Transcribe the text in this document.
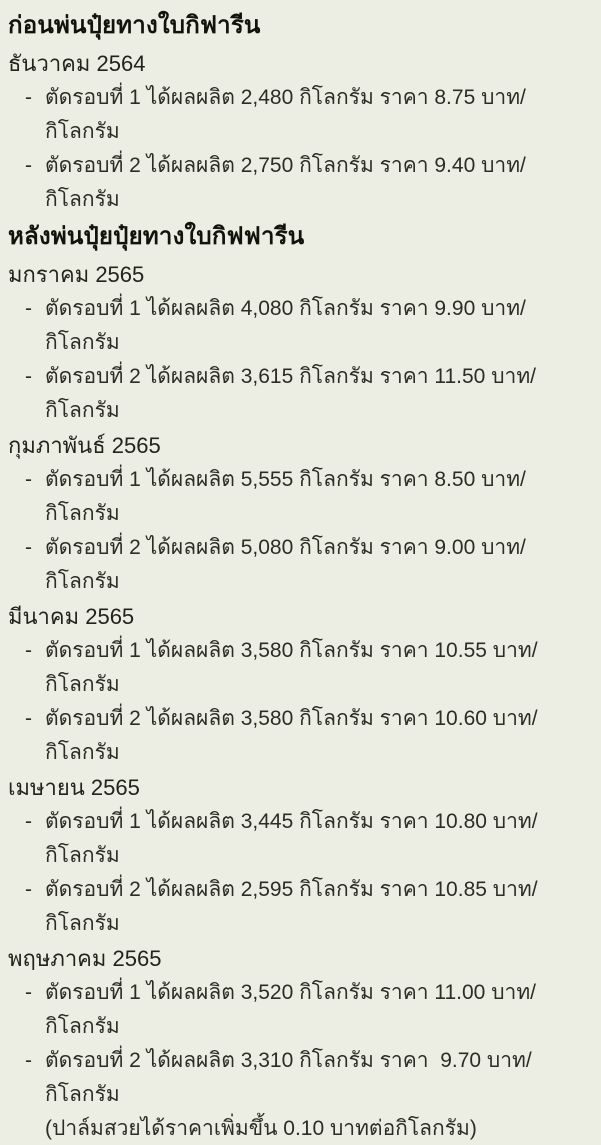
ก่อนพ่นปุ๋ยทางใบกิฟารีน
ธันวาคม 2564
- ตัดรอบที่ 1 ได้ผลผลิต 2,480 กิโลกรัม ราคา 8.75 บาท/กิโลกรัม
- ตัดรอบที่ 2 ได้ผลผลิต 2,750 กิโลกรัม ราคา 9.40 บาท/กิโลกรัม
หลังพ่นปุ๋ยปุ๋ยทางใบกิฟฟารีน
มกราคม 2565
- ตัดรอบที่ 1 ได้ผลผลิต 4,080 กิโลกรัม ราคา 9.90 บาท/กิโลกรัม
- ตัดรอบที่ 2 ได้ผลผลิต 3,615 กิโลกรัม ราคา 11.50 บาท/กิโลกรัม
กุมภาพันธ์ 2565
- ตัดรอบที่ 1 ได้ผลผลิต 5,555 กิโลกรัม ราคา 8.50 บาท/กิโลกรัม
- ตัดรอบที่ 2 ได้ผลผลิต 5,080 กิโลกรัม ราคา 9.00 บาท/กิโลกรัม
มีนาคม 2565
- ตัดรอบที่ 1 ได้ผลผลิต 3,580 กิโลกรัม ราคา 10.55 บาท/กิโลกรัม
- ตัดรอบที่ 2 ได้ผลผลิต 3,580 กิโลกรัม ราคา 10.60 บาท/กิโลกรัม
เมษายน 2565
- ตัดรอบที่ 1 ได้ผลผลิต 3,445 กิโลกรัม ราคา 10.80 บาท/กิโลกรัม
- ตัดรอบที่ 2 ได้ผลผลิต 2,595 กิโลกรัม ราคา 10.85 บาท/กิโลกรัม
พฤษภาคม 2565
- ตัดรอบที่ 1 ได้ผลผลิต 3,520 กิโลกรัม ราคา 11.00 บาท/กิโลกรัม
- ตัดรอบที่ 2 ได้ผลผลิต 3,310 กิโลกรัม ราคา  9.70 บาท/กิโลกรัม
(ปาล์มสวยได้ราคาเพิ่มขึ้น 0.10 บาทต่อกิโลกรัม)
